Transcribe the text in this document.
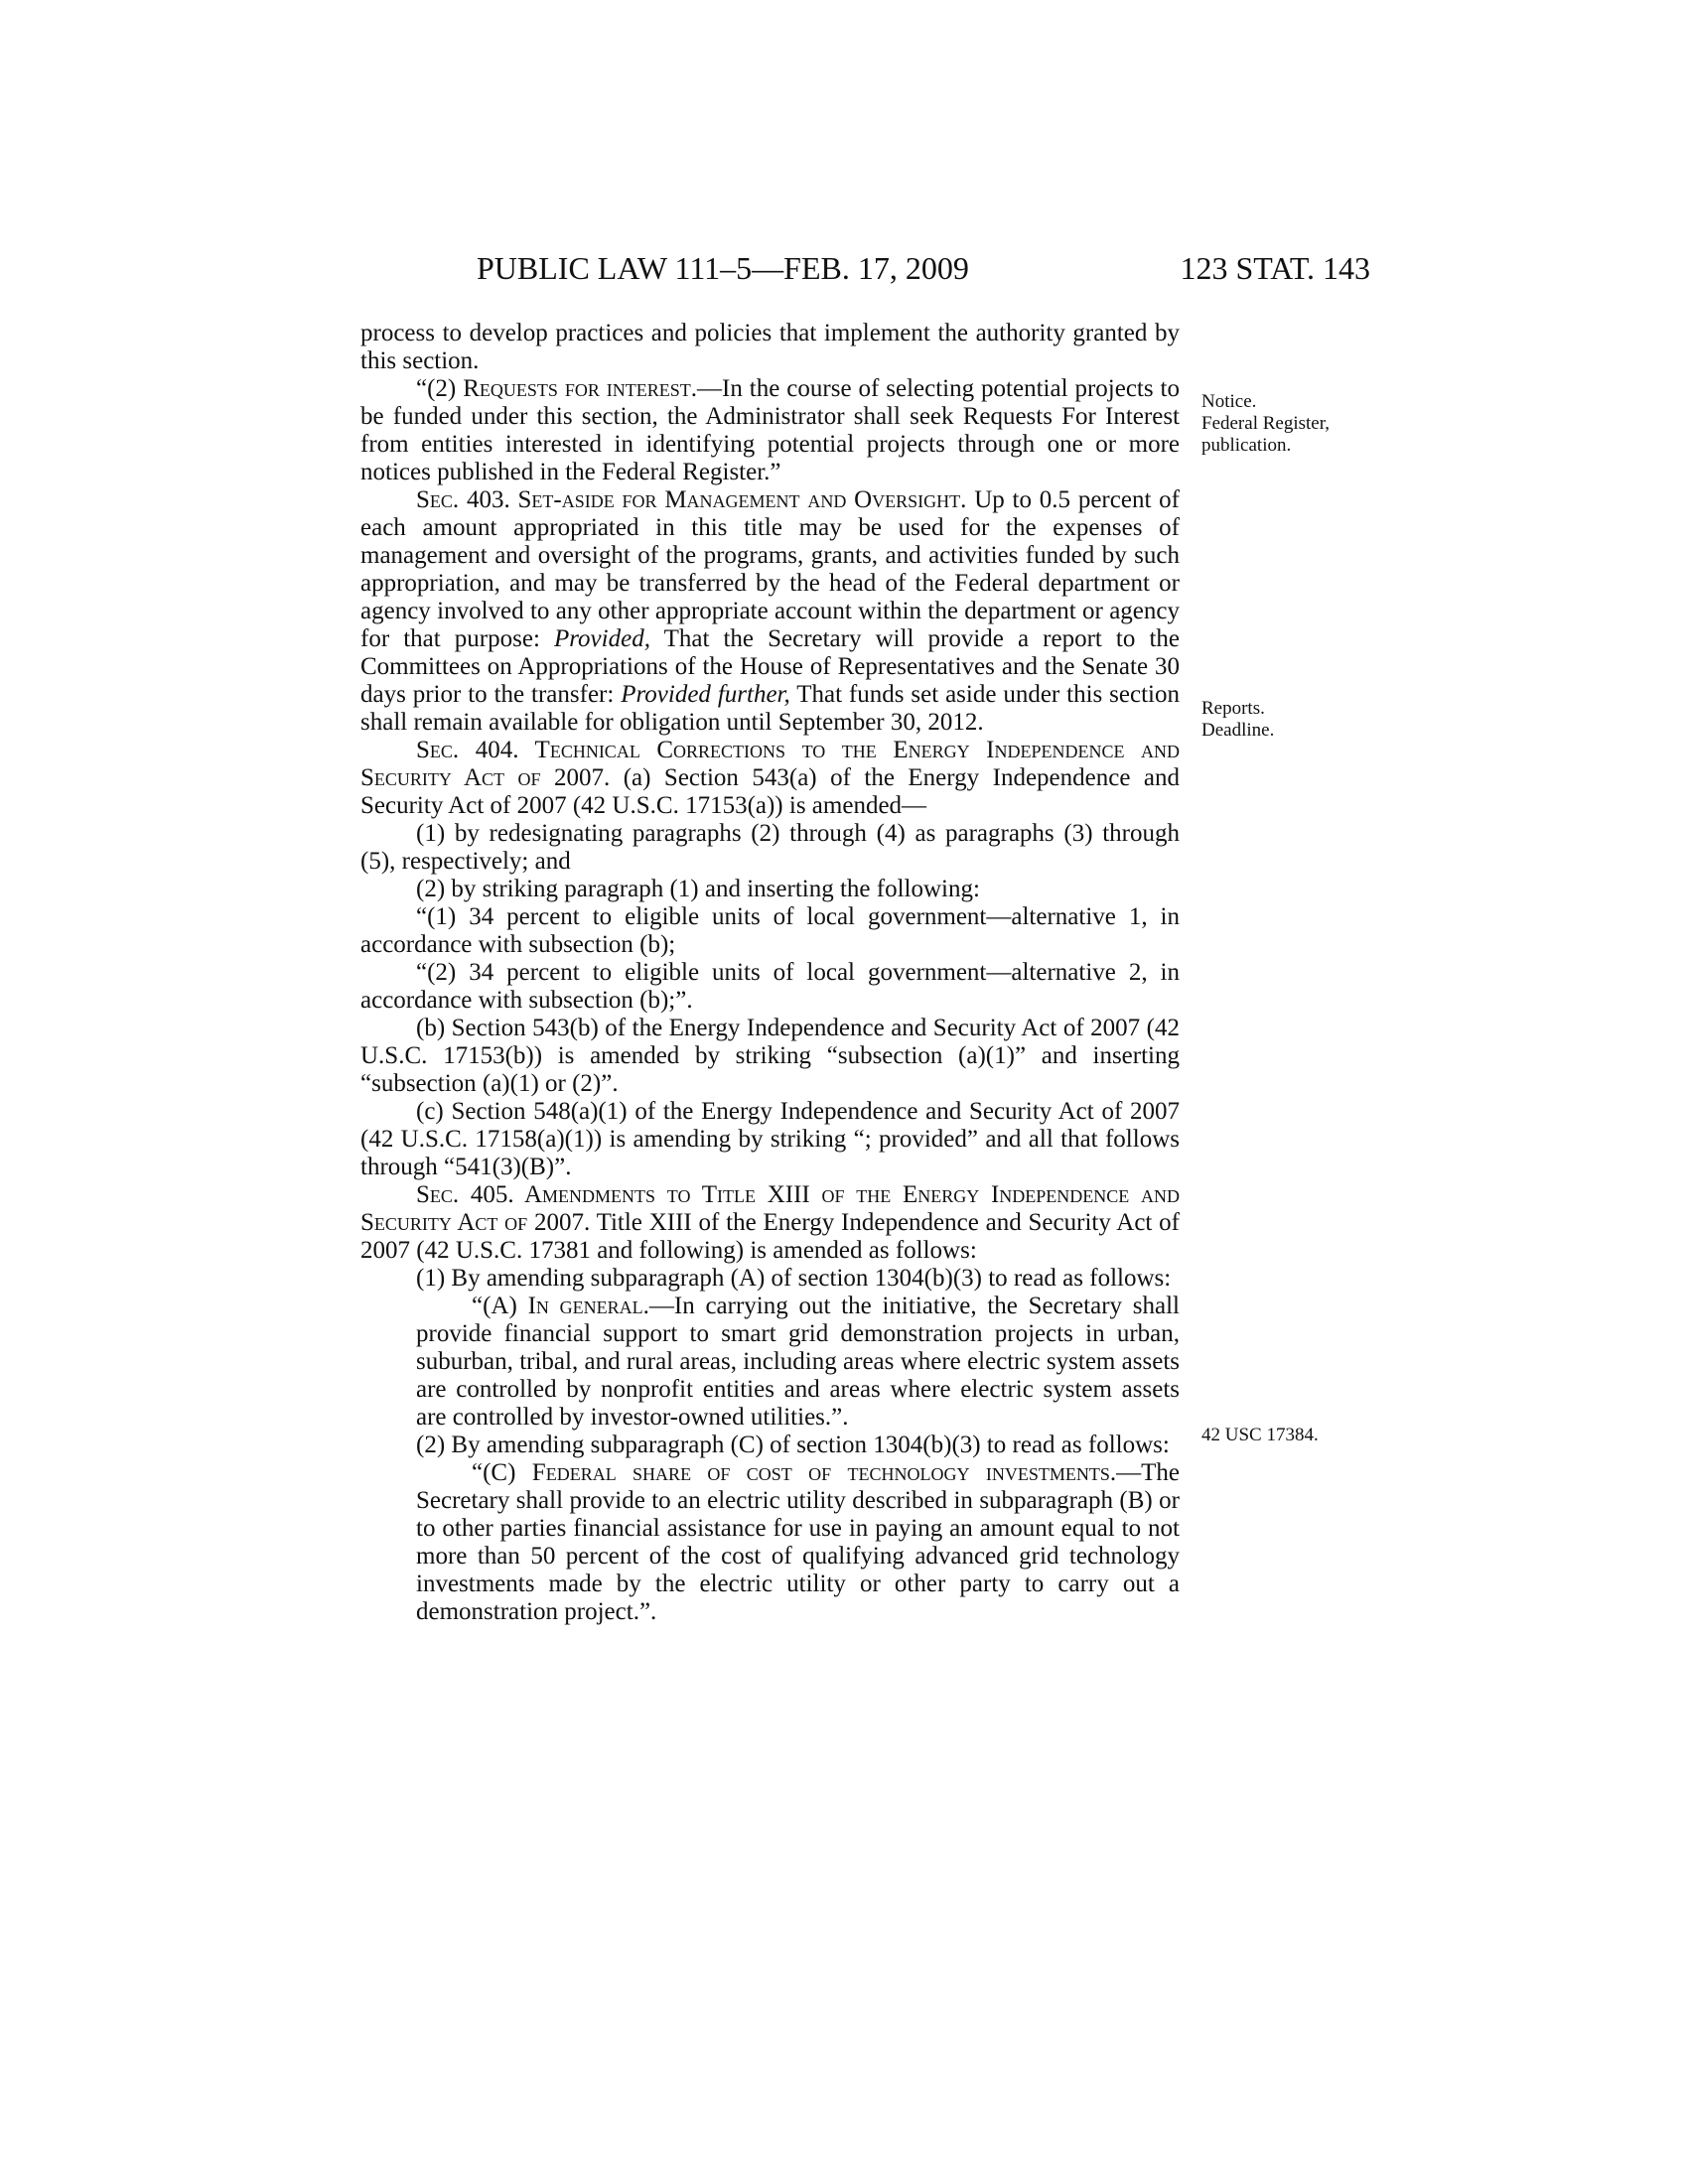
PUBLIC LAW 111–5—FEB. 17, 2009	123 STAT. 143
Notice.
Federal Register, publication.
Reports.
Deadline.
42 USC 17384.

process to develop practices and policies that implement the authority granted by this section.

“(2) Requests for interest.—In the course of selecting potential projects to be funded under this section, the Administrator shall seek Requests For Interest from entities interested in identifying potential projects through one or more notices published in the Federal Register.”

Sec. 403. Set-aside for Management and Oversight. Up to 0.5 percent of each amount appropriated in this title may be used for the expenses of management and oversight of the programs, grants, and activities funded by such appropriation, and may be transferred by the head of the Federal department or agency involved to any other appropriate account within the department or agency for that purpose: Provided, That the Secretary will provide a report to the Committees on Appropriations of the House of Representatives and the Senate 30 days prior to the transfer: Provided further, That funds set aside under this section shall remain available for obligation until September 30, 2012.

Sec. 404. Technical Corrections to the Energy Independence and Security Act of 2007. (a) Section 543(a) of the Energy Independence and Security Act of 2007 (42 U.S.C. 17153(a)) is amended—

(1) by redesignating paragraphs (2) through (4) as paragraphs (3) through (5), respectively; and

(2) by striking paragraph (1) and inserting the following:

“(1) 34 percent to eligible units of local government—alternative 1, in accordance with subsection (b);

“(2) 34 percent to eligible units of local government—alternative 2, in accordance with subsection (b);”.

(b) Section 543(b) of the Energy Independence and Security Act of 2007 (42 U.S.C. 17153(b)) is amended by striking “subsection (a)(1)” and inserting “subsection (a)(1) or (2)”.

(c) Section 548(a)(1) of the Energy Independence and Security Act of 2007 (42 U.S.C. 17158(a)(1)) is amending by striking “; provided” and all that follows through “541(3)(B)”.

Sec. 405. Amendments to Title XIII of the Energy Independence and Security Act of 2007. Title XIII of the Energy Independence and Security Act of 2007 (42 U.S.C. 17381 and following) is amended as follows:

(1) By amending subparagraph (A) of section 1304(b)(3) to read as follows:

“(A) In general.—In carrying out the initiative, the Secretary shall provide financial support to smart grid demonstration projects in urban, suburban, tribal, and rural areas, including areas where electric system assets are controlled by nonprofit entities and areas where electric system assets are controlled by investor-owned utilities.”.

(2) By amending subparagraph (C) of section 1304(b)(3) to read as follows:

“(C) Federal share of cost of technology investments.—The Secretary shall provide to an electric utility described in subparagraph (B) or to other parties financial assistance for use in paying an amount equal to not more than 50 percent of the cost of qualifying advanced grid technology investments made by the electric utility or other party to carry out a demonstration project.”.
